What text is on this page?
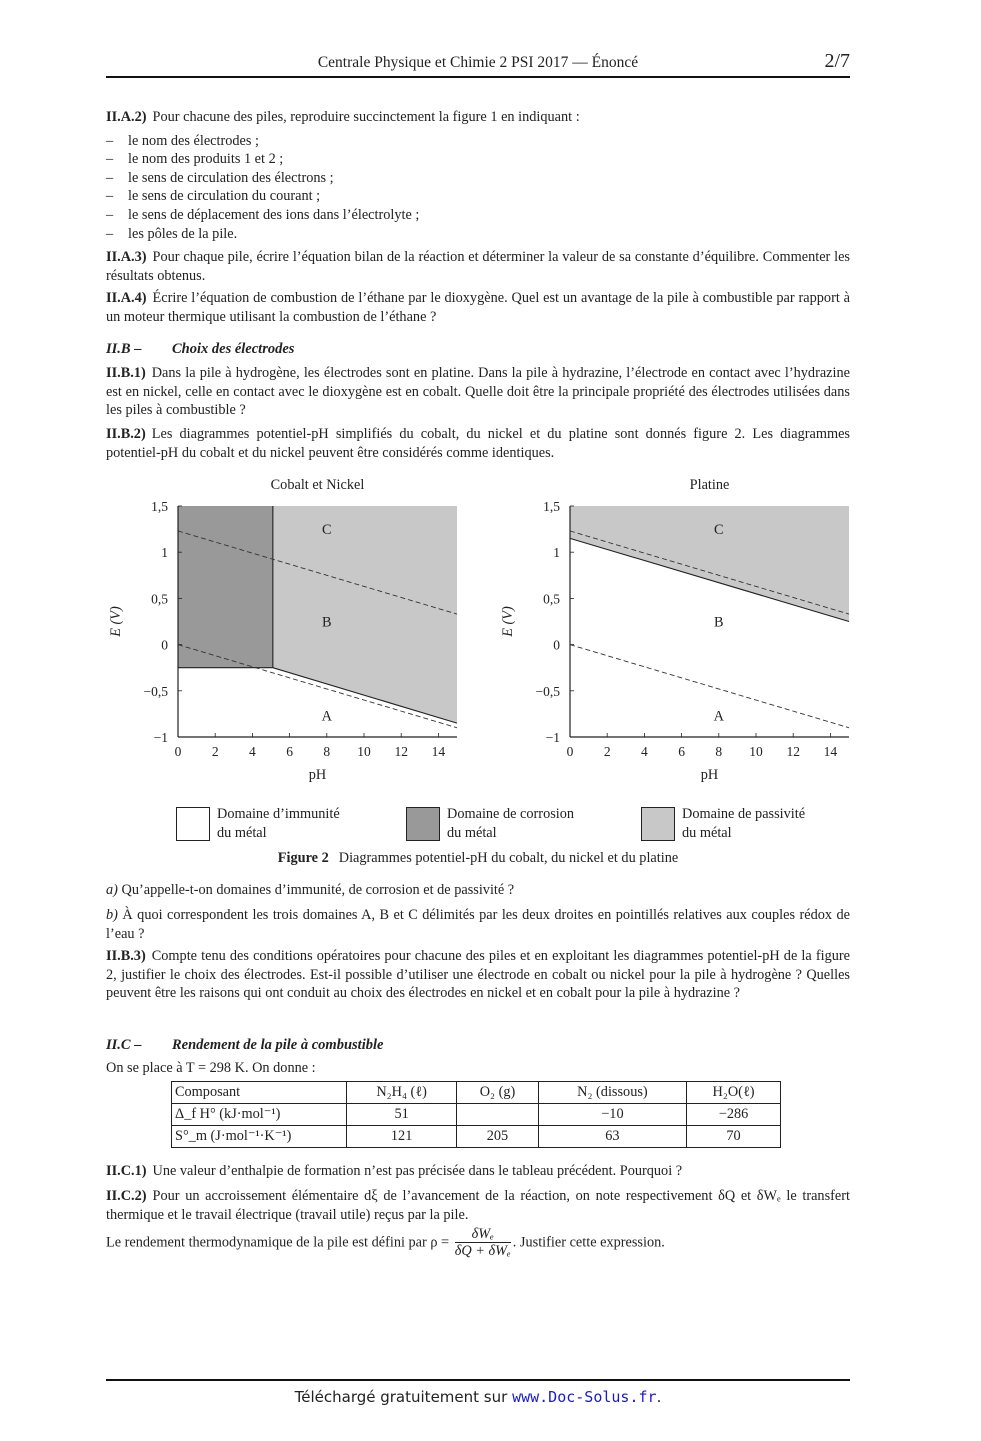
Centrale Physique et Chimie 2 PSI 2017 — Énoncé	2/7
II.A.2) Pour chacune des piles, reproduire succinctement la figure 1 en indiquant :
– le nom des électrodes ;
– le nom des produits 1 et 2 ;
– le sens de circulation des électrons ;
– le sens de circulation du courant ;
– le sens de déplacement des ions dans l’électrolyte ;
– les pôles de la pile.
II.A.3) Pour chaque pile, écrire l’équation bilan de la réaction et déterminer la valeur de sa constante d’équilibre. Commenter les résultats obtenus.
II.A.4) Écrire l’équation de combustion de l’éthane par le dioxygène. Quel est un avantage de la pile à combustible par rapport à un moteur thermique utilisant la combustion de l’éthane ?
II.B – Choix des électrodes
II.B.1) Dans la pile à hydrogène, les électrodes sont en platine. Dans la pile à hydrazine, l’électrode en contact avec l’hydrazine est en nickel, celle en contact avec le dioxygène est en cobalt. Quelle doit être la principale propriété des électrodes utilisées dans les piles à combustible ?
II.B.2) Les diagrammes potentiel-pH simplifiés du cobalt, du nickel et du platine sont donnés figure 2. Les diagrammes potentiel-pH du cobalt et du nickel peuvent être considérés comme identiques.
Cobalt et Nickel
0 2 4 6 8 10 12 14
1,5
1
0,5
0
−0,5
−1
pH
E (V)
C
B
A
Platine
0 2 4 6 8 10 12 14
1,5
1
0,5
0
−0,5
−1
pH
E (V)
C
B
A
Domaine d’immunité
du métal
Domaine de corrosion
du métal
Domaine de passivité
du métal
Figure 2 Diagrammes potentiel-pH du cobalt, du nickel et du platine
a) Qu’appelle-t-on domaines d’immunité, de corrosion et de passivité ?
b) À quoi correspondent les trois domaines A, B et C délimités par les deux droites en pointillés relatives aux couples rédox de l’eau ?
II.B.3) Compte tenu des conditions opératoires pour chacune des piles et en exploitant les diagrammes potentiel-pH de la figure 2, justifier le choix des électrodes. Est-il possible d’utiliser une électrode en cobalt ou nickel pour la pile à hydrogène ? Quelles peuvent être les raisons qui ont conduit au choix des électrodes en nickel et en cobalt pour la pile à hydrazine ?
II.C – Rendement de la pile à combustible
On se place à T = 298 K. On donne :
Composant	N₂H₄ (ℓ)	O₂ (g)	N₂ (dissous)	H₂O(ℓ)
Δ_f H° (kJ·mol⁻¹)	51		−10	−286
S°_m (J·mol⁻¹·K⁻¹)	121	205	63	70
II.C.1) Une valeur d’enthalpie de formation n’est pas précisée dans le tableau précédent. Pourquoi ?
II.C.2) Pour un accroissement élémentaire dξ de l’avancement de la réaction, on note respectivement δQ et δWₑ le transfert thermique et le travail électrique (travail utile) reçus par la pile.
Le rendement thermodynamique de la pile est défini par $\rho = \frac{\text{δWₑ}}{\text{δQ + δWₑ}}$ . Justifier cette expression.
Téléchargé gratuitement sur www.Doc-Solus.fr.
